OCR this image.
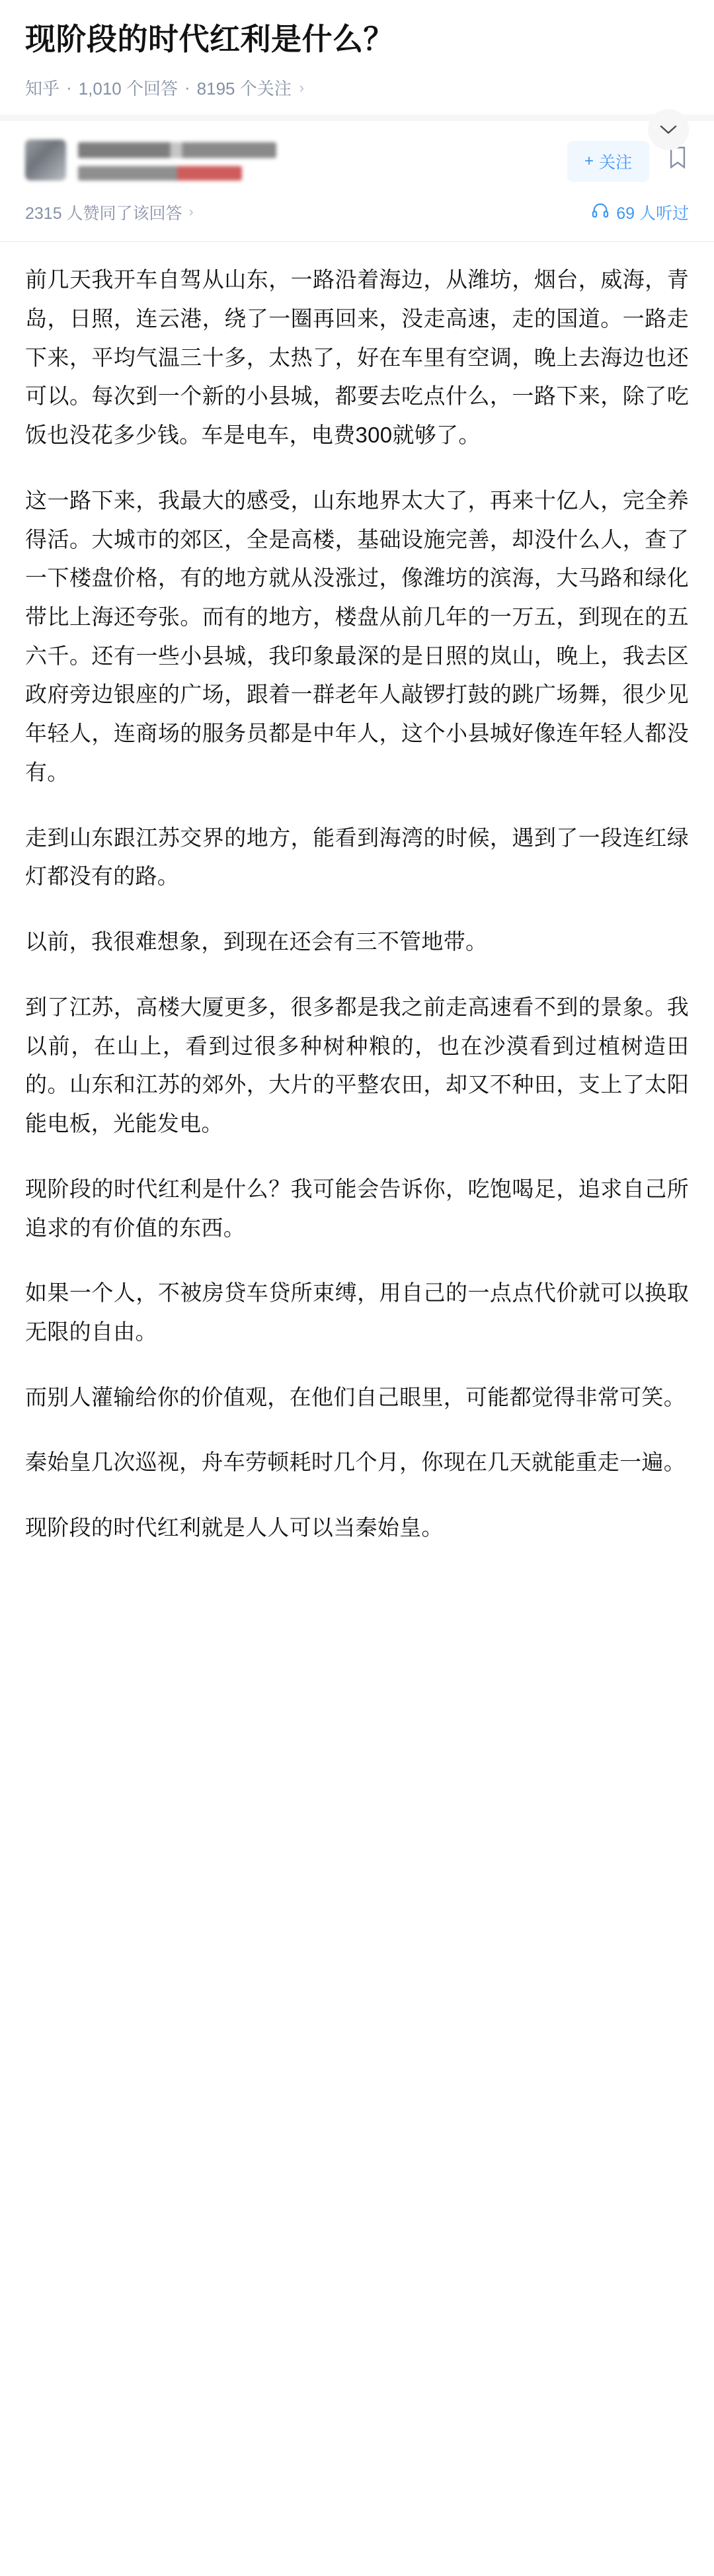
现阶段的时代红利是什么？
知乎 · 1,010 个回答 · 8195 个关注 ›
+ 关注
2315 人赞同了该回答 ›	69 人听过

前几天我开车自驾从山东，一路沿着海边，从潍坊，烟台，威海，青岛，日照，连云港，绕了一圈再回来，没走高速，走的国道。一路走下来，平均气温三十多，太热了，好在车里有空调，晚上去海边也还可以。每次到一个新的小县城，都要去吃点什么，一路下来，除了吃饭也没花多少钱。车是电车，电费300就够了。

这一路下来，我最大的感受，山东地界太大了，再来十亿人，完全养得活。大城市的郊区，全是高楼，基础设施完善，却没什么人，查了一下楼盘价格，有的地方就从没涨过，像潍坊的滨海，大马路和绿化带比上海还夸张。而有的地方，楼盘从前几年的一万五，到现在的五六千。还有一些小县城，我印象最深的是日照的岚山，晚上，我去区政府旁边银座的广场，跟着一群老年人敲锣打鼓的跳广场舞，很少见年轻人，连商场的服务员都是中年人，这个小县城好像连年轻人都没有。

走到山东跟江苏交界的地方，能看到海湾的时候，遇到了一段连红绿灯都没有的路。

以前，我很难想象，到现在还会有三不管地带。

到了江苏，高楼大厦更多，很多都是我之前走高速看不到的景象。我以前，在山上，看到过很多种树种粮的，也在沙漠看到过植树造田的。山东和江苏的郊外，大片的平整农田，却又不种田，支上了太阳能电板，光能发电。

现阶段的时代红利是什么？我可能会告诉你，吃饱喝足，追求自己所追求的有价值的东西。

如果一个人，不被房贷车贷所束缚，用自己的一点点代价就可以换取无限的自由。

而别人灌输给你的价值观，在他们自己眼里，可能都觉得非常可笑。

秦始皇几次巡视，舟车劳顿耗时几个月，你现在几天就能重走一遍。

现阶段的时代红利就是人人可以当秦始皇。
